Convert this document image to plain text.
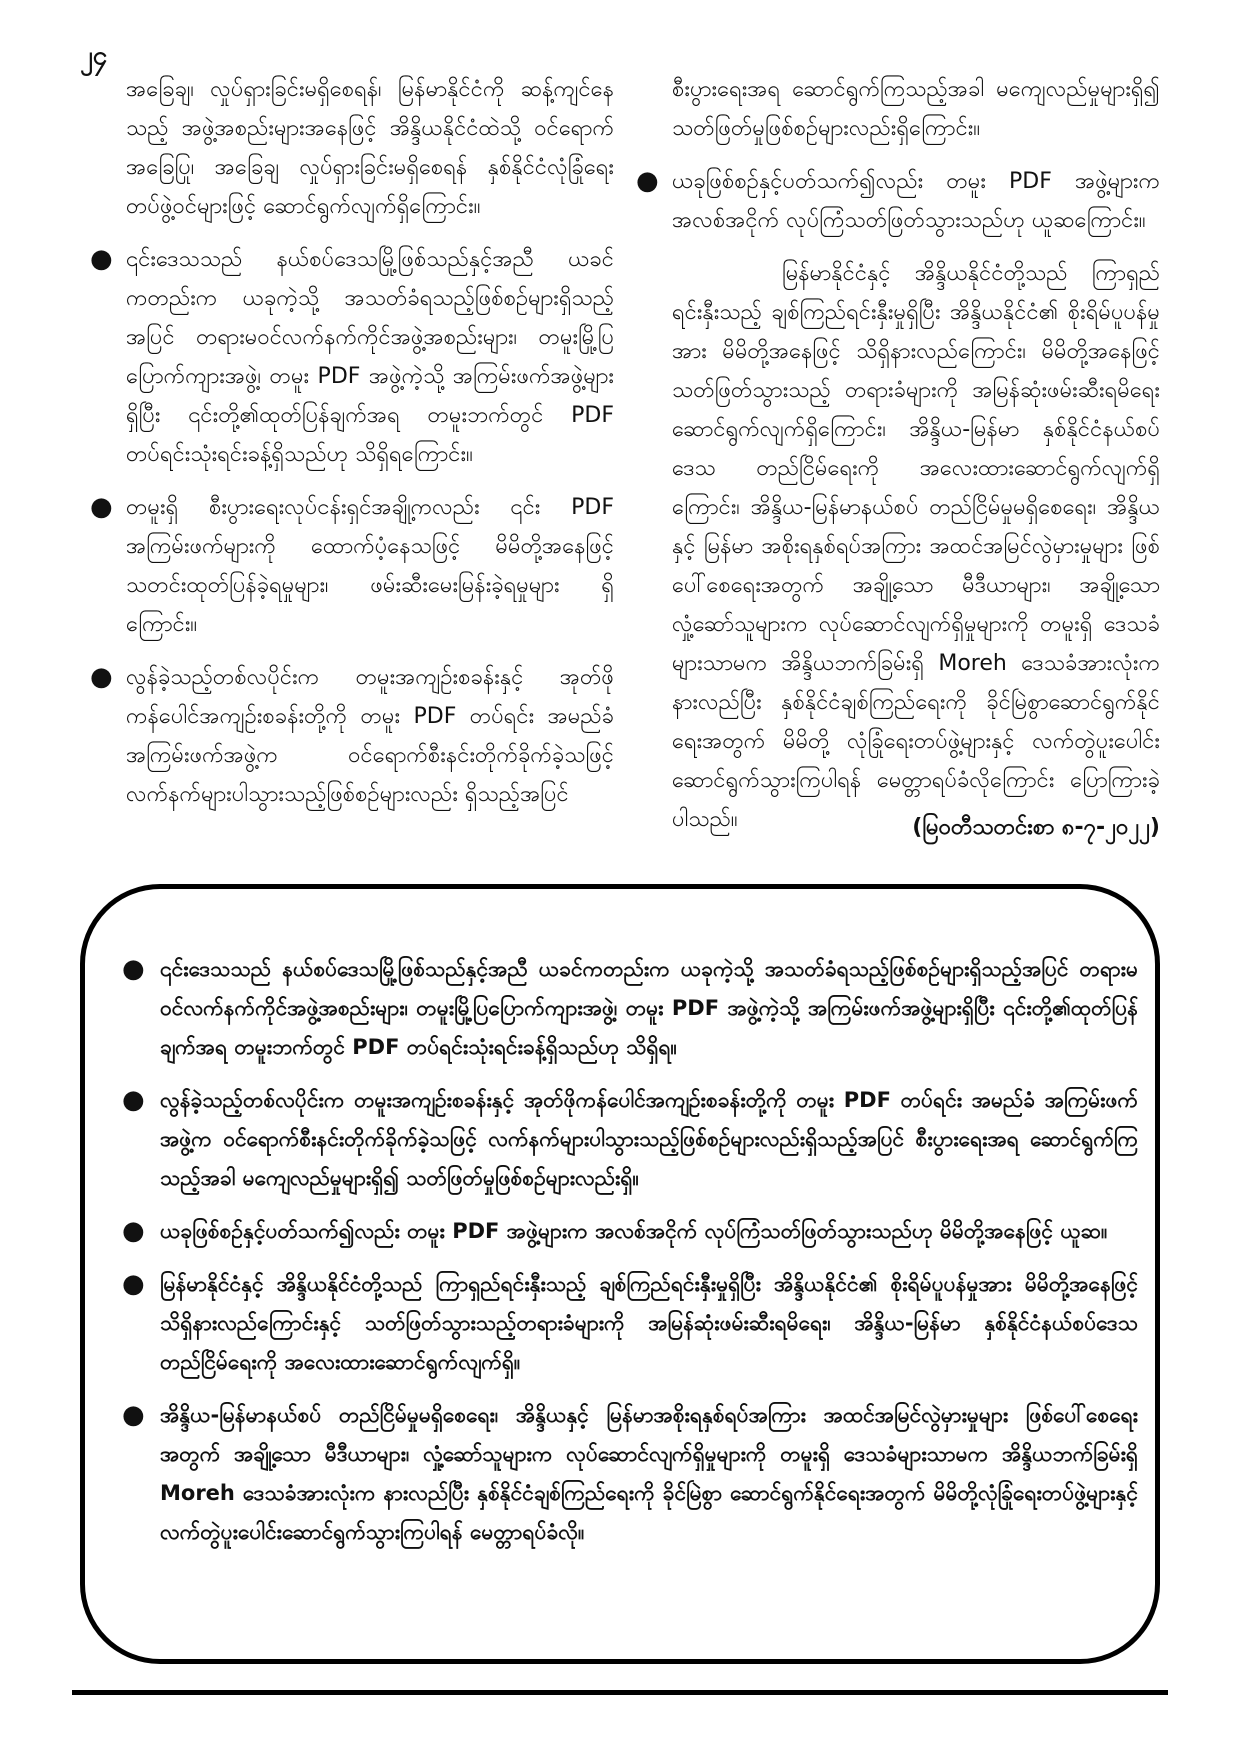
၂၄

အခြေချ၊ လှုပ်ရှားခြင်းမရှိစေရန်၊ မြန်မာနိုင်ငံကို ဆန့်ကျင်နေသည့် အဖွဲ့အစည်းများအနေဖြင့် အိန္ဒိယနိုင်ငံထဲသို့ ဝင်ရောက် အခြေပြု၊ အခြေချ လှုပ်ရှားခြင်းမရှိစေရန် နှစ်နိုင်ငံလုံခြုံရေးတပ်ဖွဲ့ဝင်များဖြင့် ဆောင်ရွက်လျက်ရှိကြောင်း။

● ၎င်းဒေသသည် နယ်စပ်ဒေသမြို့ဖြစ်သည်နှင့်အညီ ယခင်ကတည်းက ယခုကဲ့သို့ အသတ်ခံရသည့်ဖြစ်စဉ်များရှိသည့်အပြင် တရားမဝင်လက်နက်ကိုင်အဖွဲ့အစည်းများ၊ တမူးမြို့ပြပြောက်ကျားအဖွဲ့၊ တမူး PDF အဖွဲ့ကဲ့သို့ အကြမ်းဖက်အဖွဲ့များရှိပြီး ၎င်းတို့၏ထုတ်ပြန်ချက်အရ တမူးဘက်တွင် PDF တပ်ရင်းသုံးရင်းခန့်ရှိသည်ဟု သိရှိရကြောင်း။
● တမူးရှိ စီးပွားရေးလုပ်ငန်းရှင်အချို့ကလည်း ၎င်း PDF အကြမ်းဖက်များကို ထောက်ပံ့နေသဖြင့် မိမိတို့အနေဖြင့် သတင်းထုတ်ပြန်ခဲ့ရမှုများ၊ ဖမ်းဆီးမေးမြန်းခဲ့ရမှုများ ရှိကြောင်း။
● လွန်ခဲ့သည့်တစ်လပိုင်းက တမူးအကျဉ်းစခန်းနှင့် အုတ်ဖိုကန်ပေါင်အကျဉ်းစခန်းတို့ကို တမူး PDF တပ်ရင်း အမည်ခံ အကြမ်းဖက်အဖွဲ့က ဝင်ရောက်စီးနင်းတိုက်ခိုက်ခဲ့သဖြင့် လက်နက်များပါသွားသည့်ဖြစ်စဉ်များလည်း ရှိသည့်အပြင်

စီးပွားရေးအရ ဆောင်ရွက်ကြသည့်အခါ မကျေလည်မှုများရှိ၍ သတ်ဖြတ်မှုဖြစ်စဉ်များလည်းရှိကြောင်း။

● ယခုဖြစ်စဉ်နှင့်ပတ်သက်၍လည်း တမူး PDF အဖွဲ့များက အလစ်အငိုက် လုပ်ကြံသတ်ဖြတ်သွားသည်ဟု ယူဆကြောင်း။

မြန်မာနိုင်ငံနှင့် အိန္ဒိယနိုင်ငံတို့သည် ကြာရှည်ရင်းနှီးသည့် ချစ်ကြည်ရင်းနှီးမှုရှိပြီး အိန္ဒိယနိုင်ငံ၏ စိုးရိမ်ပူပန်မှုအား မိမိတို့အနေဖြင့် သိရှိနားလည်ကြောင်း၊ မိမိတို့အနေဖြင့် သတ်ဖြတ်သွားသည့် တရားခံများကို အမြန်ဆုံးဖမ်းဆီးရမိရေး ဆောင်ရွက်လျက်ရှိကြောင်း၊ အိန္ဒိယ-မြန်မာ နှစ်နိုင်ငံနယ်စပ်ဒေသ တည်ငြိမ်ရေးကို အလေးထားဆောင်ရွက်လျက်ရှိကြောင်း၊ အိန္ဒိယ-မြန်မာနယ်စပ် တည်ငြိမ်မှုမရှိစေရေး၊ အိန္ဒိယနှင့် မြန်မာ အစိုးရနှစ်ရပ်အကြား အထင်အမြင်လွဲမှားမှုများ ဖြစ်ပေါ်စေရေးအတွက် အချို့သော မီဒီယာများ၊ အချို့သော လှုံ့ဆော်သူများက လုပ်ဆောင်လျက်ရှိမှုများကို တမူးရှိ ဒေသခံများသာမက အိန္ဒိယဘက်ခြမ်းရှိ Moreh ဒေသခံအားလုံးက နားလည်ပြီး နှစ်နိုင်ငံချစ်ကြည်ရေးကို ခိုင်မြဲစွာဆောင်ရွက်နိုင်ရေးအတွက် မိမိတို့ လုံခြုံရေးတပ်ဖွဲ့များနှင့် လက်တွဲပူးပေါင်းဆောင်ရွက်သွားကြပါရန် မေတ္တာရပ်ခံလိုကြောင်း ပြောကြားခဲ့ပါသည်။	(မြဝတီသတင်းစာ ၈-၇-၂၀၂၂)
● ၎င်းဒေသသည် နယ်စပ်ဒေသမြို့ဖြစ်သည်နှင့်အညီ ယခင်ကတည်းက ယခုကဲ့သို့ အသတ်ခံရသည့်ဖြစ်စဉ်များရှိသည့်အပြင် တရားမဝင်လက်နက်ကိုင်အဖွဲ့အစည်းများ၊ တမူးမြို့ပြပြောက်ကျားအဖွဲ့၊ တမူး PDF အဖွဲ့ကဲ့သို့ အကြမ်းဖက်အဖွဲ့များရှိပြီး ၎င်းတို့၏ထုတ်ပြန်ချက်အရ တမူးဘက်တွင် PDF တပ်ရင်းသုံးရင်းခန့်ရှိသည်ဟု သိရှိရ။
● လွန်ခဲ့သည့်တစ်လပိုင်းက တမူးအကျဉ်းစခန်းနှင့် အုတ်ဖိုကန်ပေါင်အကျဉ်းစခန်းတို့ကို တမူး PDF တပ်ရင်း အမည်ခံ အကြမ်းဖက်အဖွဲ့က ဝင်ရောက်စီးနင်းတိုက်ခိုက်ခဲ့သဖြင့် လက်နက်များပါသွားသည့်ဖြစ်စဉ်များလည်းရှိသည့်အပြင် စီးပွားရေးအရ ဆောင်ရွက်ကြသည့်အခါ မကျေလည်မှုများရှိ၍ သတ်ဖြတ်မှုဖြစ်စဉ်များလည်းရှိ။
● ယခုဖြစ်စဉ်နှင့်ပတ်သက်၍လည်း တမူး PDF အဖွဲ့များက အလစ်အငိုက် လုပ်ကြံသတ်ဖြတ်သွားသည်ဟု မိမိတို့အနေဖြင့် ယူဆ။
● မြန်မာနိုင်ငံနှင့် အိန္ဒိယနိုင်ငံတို့သည် ကြာရှည်ရင်းနှီးသည့် ချစ်ကြည်ရင်းနှီးမှုရှိပြီး အိန္ဒိယနိုင်ငံ၏ စိုးရိမ်ပူပန်မှုအား မိမိတို့အနေဖြင့် သိရှိနားလည်ကြောင်းနှင့် သတ်ဖြတ်သွားသည့်တရားခံများကို အမြန်ဆုံးဖမ်းဆီးရမိရေး၊ အိန္ဒိယ-မြန်မာ နှစ်နိုင်ငံနယ်စပ်ဒေသတည်ငြိမ်ရေးကို အလေးထားဆောင်ရွက်လျက်ရှိ။
● အိန္ဒိယ-မြန်မာနယ်စပ် တည်ငြိမ်မှုမရှိစေရေး၊ အိန္ဒိယနှင့် မြန်မာအစိုးရနှစ်ရပ်အကြား အထင်အမြင်လွဲမှားမှုများ ဖြစ်ပေါ်စေရေးအတွက် အချို့သော မီဒီယာများ၊ လှုံ့ဆော်သူများက လုပ်ဆောင်လျက်ရှိမှုများကို တမူးရှိ ဒေသခံများသာမက အိန္ဒိယဘက်ခြမ်းရှိ Moreh ဒေသခံအားလုံးက နားလည်ပြီး နှစ်နိုင်ငံချစ်ကြည်ရေးကို ခိုင်မြဲစွာ ဆောင်ရွက်နိုင်ရေးအတွက် မိမိတို့လုံခြုံရေးတပ်ဖွဲ့များနှင့် လက်တွဲပူးပေါင်းဆောင်ရွက်သွားကြပါရန် မေတ္တာရပ်ခံလို။
